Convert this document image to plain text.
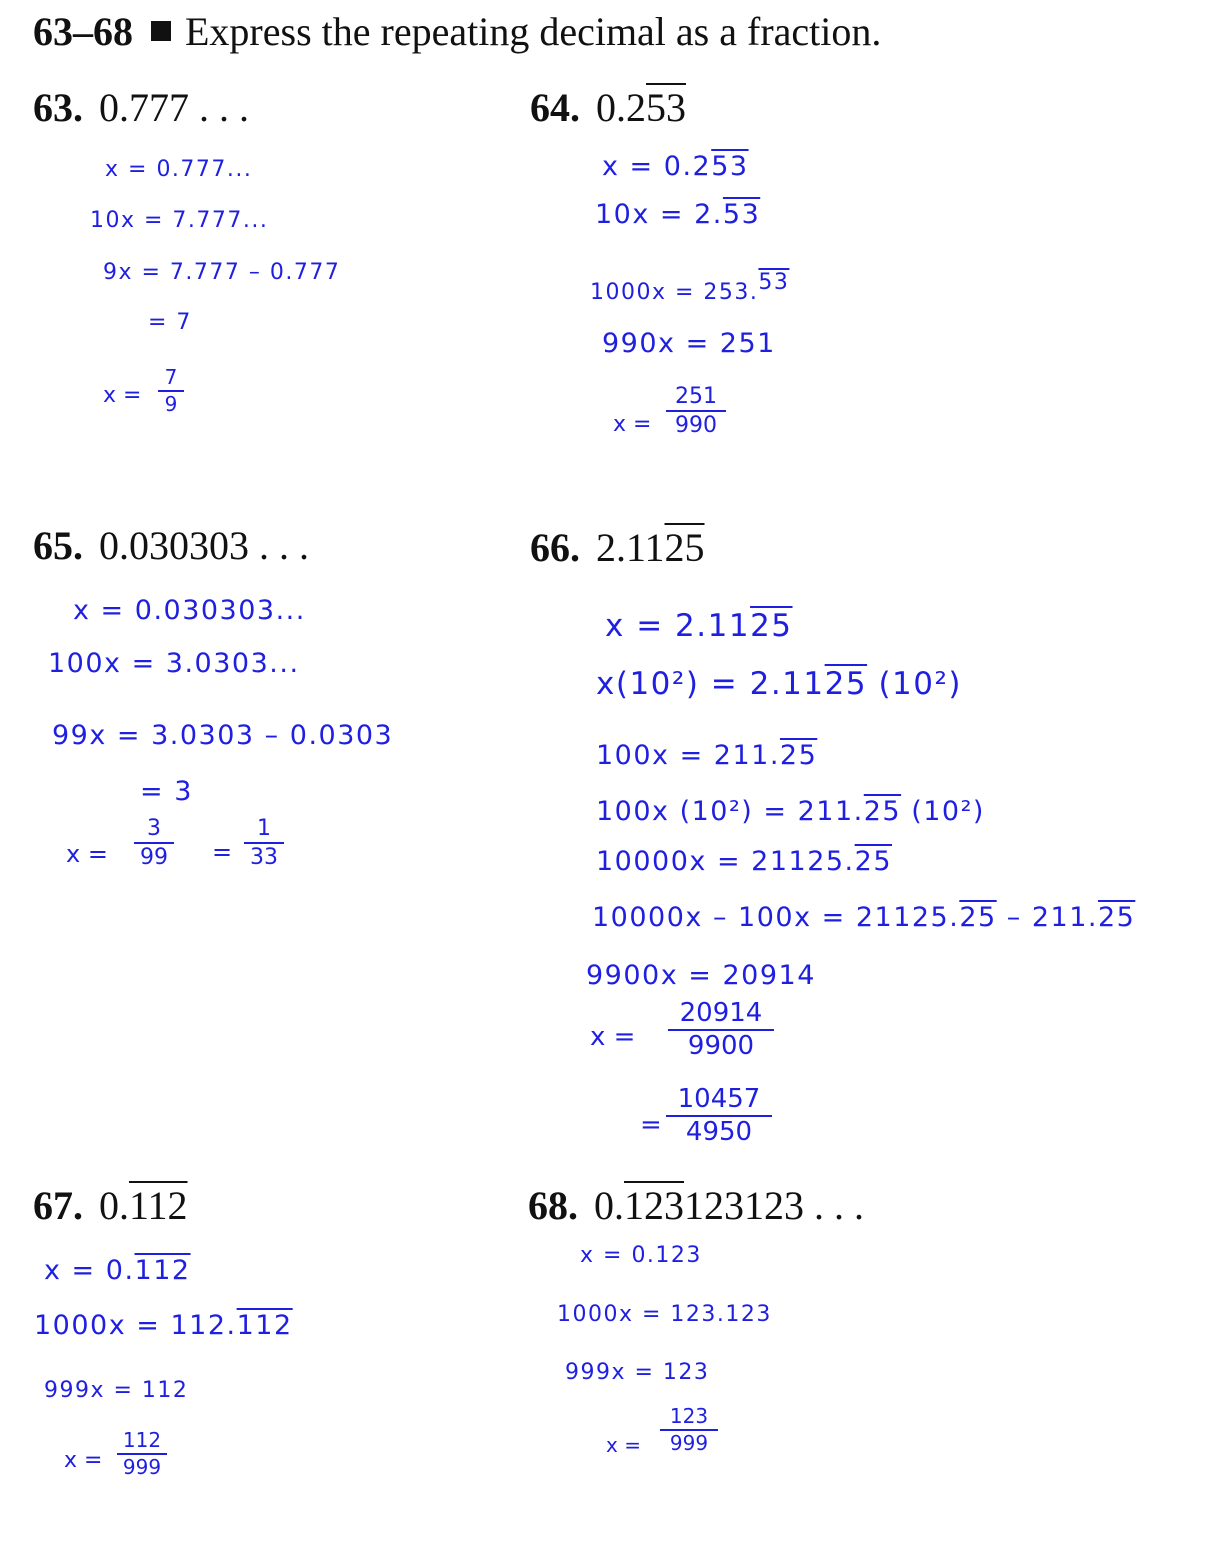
63–68 Express the repeating decimal as a fraction.
63. 0.777 . . .
x = 0.777...
10x = 7.777...
9x = 7.777 – 0.777
= 7
x =
7
9
64. 0.253
x = 0.253
10x = 2.53
1000x = 253.53
990x = 251
x =
251
990
65. 0.030303 . . .
x = 0.030303...
100x = 3.0303...
99x = 3.0303 – 0.0303
= 3
x =
3
99 =
1
33
66. 2.1125
x = 2.1125
x(10²) = 2.1125 (10²)
100x = 211.25
100x (10²) = 211.25 (10²)
10000x = 21125.25
10000x – 100x = 21125.25 – 211.25
9900x = 20914
x =
20914
9900
=
10457
4950
67. 0.112
x = 0.112
1000x = 112.112
999x = 112
x =
112
999
68. 0.123123123 . . .
x = 0.123
1000x = 123.123
999x = 123
x =
123
999
